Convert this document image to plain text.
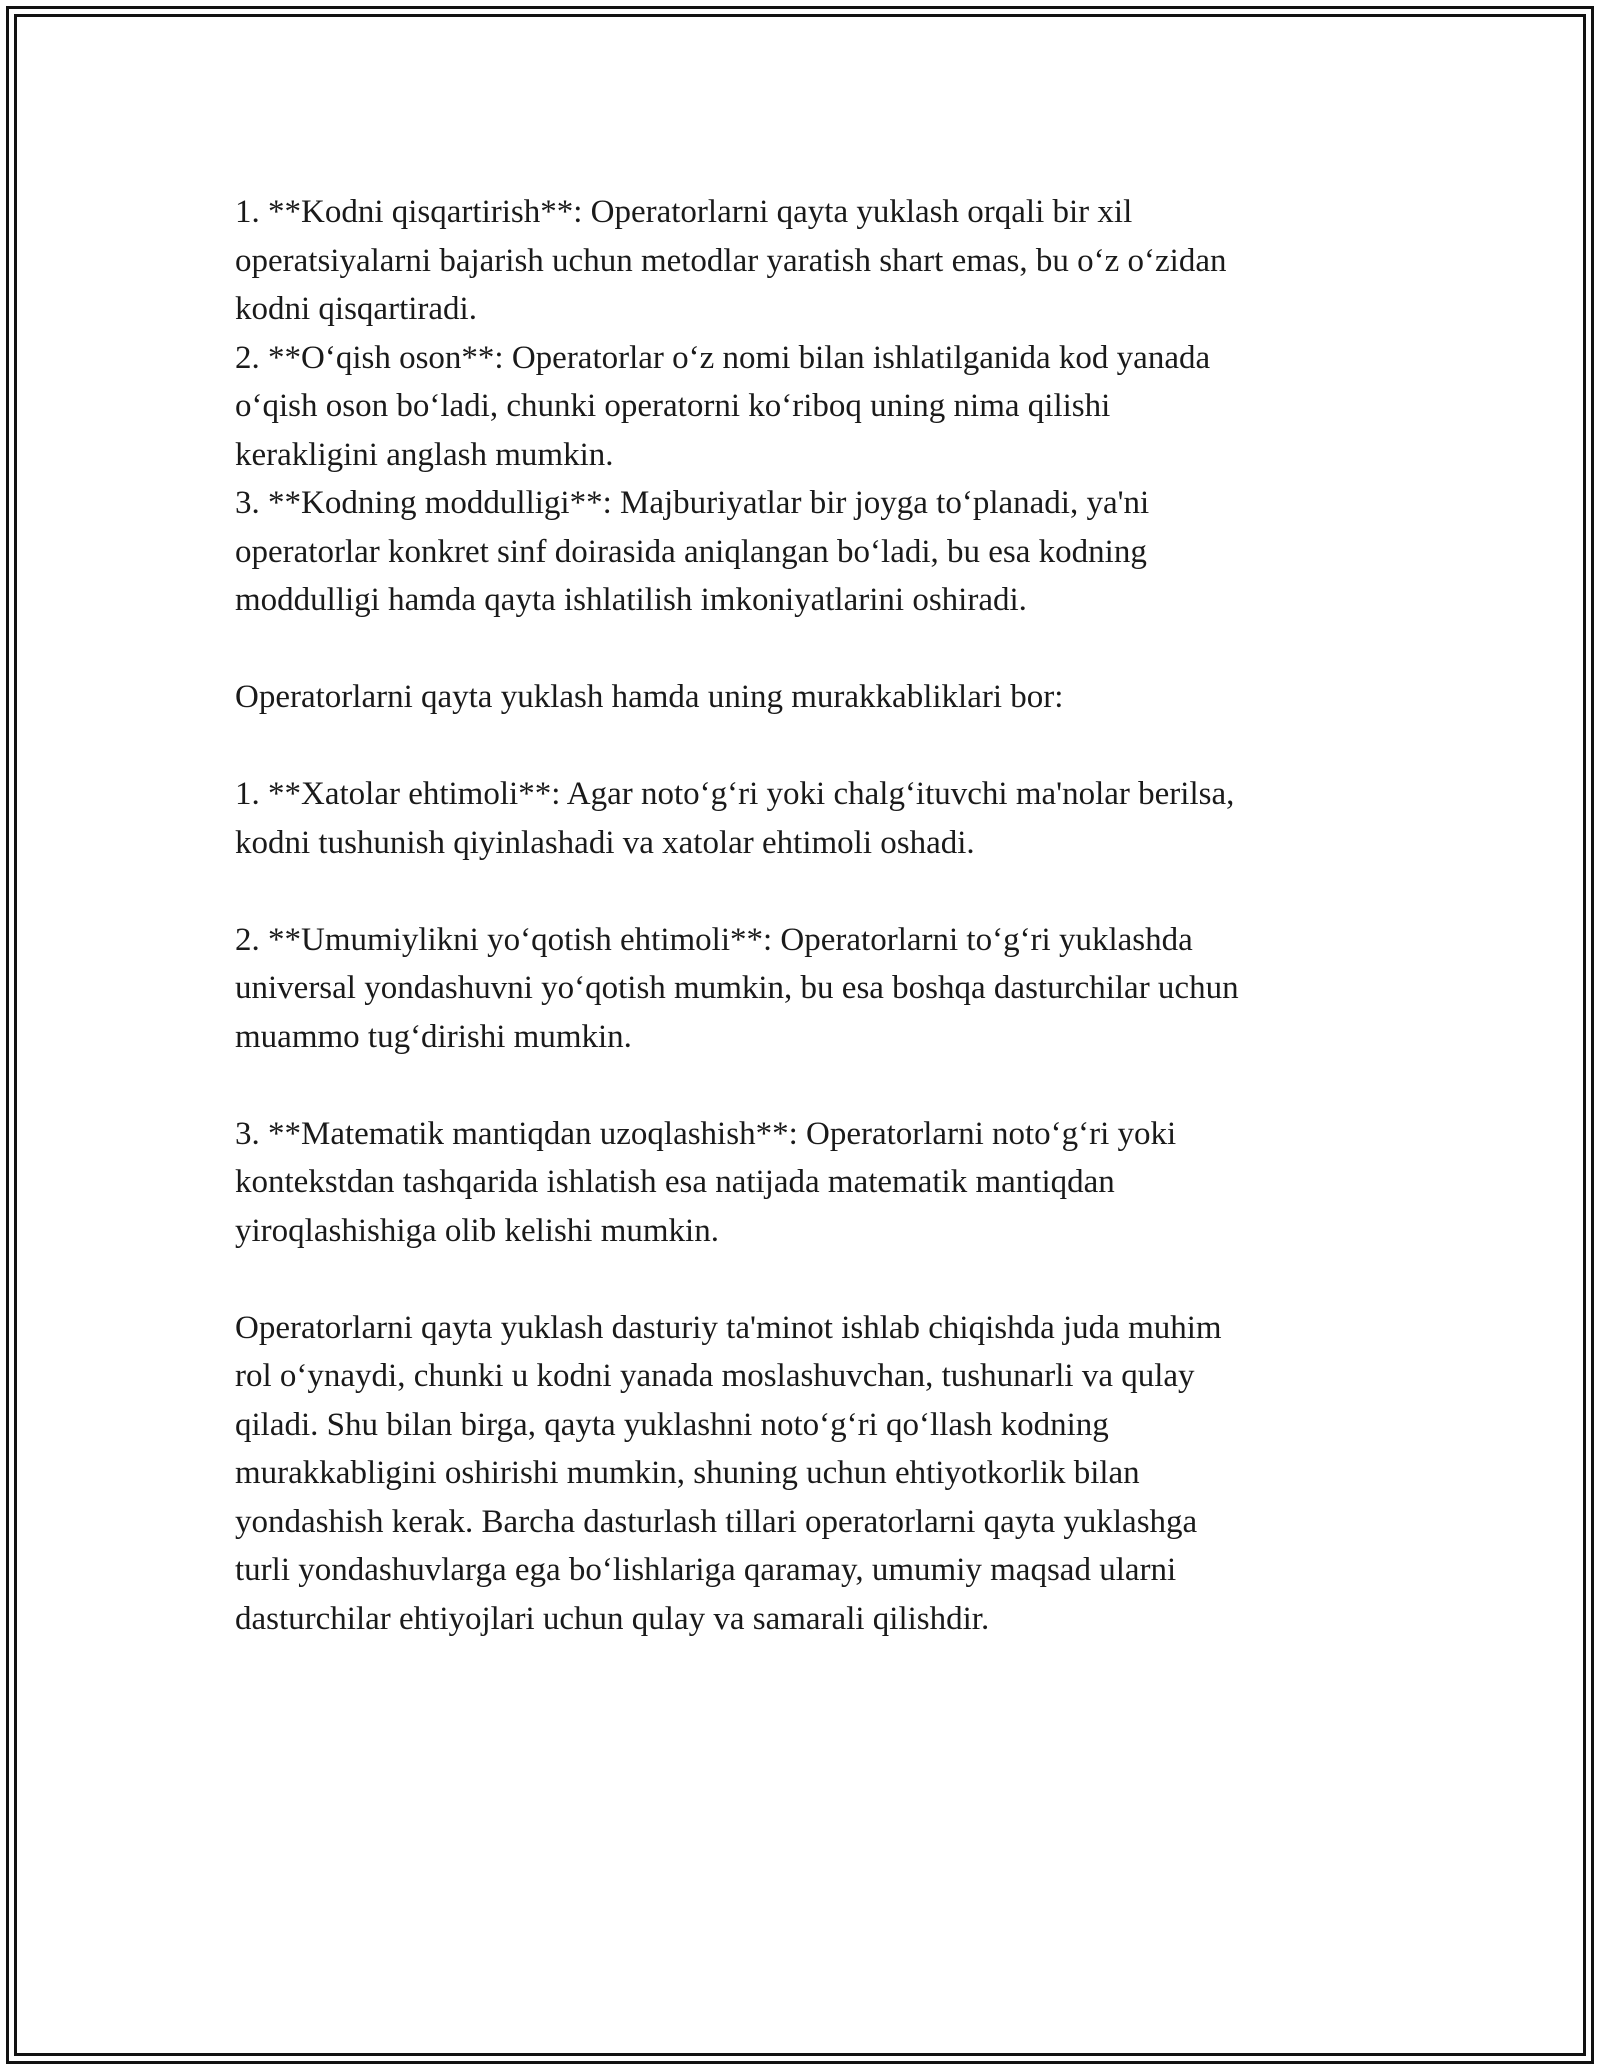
1. **Kodni qisqartirish**: Operatorlarni qayta yuklash orqali bir xil
operatsiyalarni bajarish uchun metodlar yaratish shart emas, bu o‘z o‘zidan
kodni qisqartiradi.
2. **O‘qish oson**: Operatorlar o‘z nomi bilan ishlatilganida kod yanada
o‘qish oson bo‘ladi, chunki operatorni ko‘riboq uning nima qilishi
kerakligini anglash mumkin.
3. **Kodning moddulligi**: Majburiyatlar bir joyga to‘planadi, ya'ni
operatorlar konkret sinf doirasida aniqlangan bo‘ladi, bu esa kodning
moddulligi hamda qayta ishlatilish imkoniyatlarini oshiradi.

Operatorlarni qayta yuklash hamda uning murakkabliklari bor:

1. **Xatolar ehtimoli**: Agar noto‘g‘ri yoki chalg‘ituvchi ma'nolar berilsa,
kodni tushunish qiyinlashadi va xatolar ehtimoli oshadi.

2. **Umumiylikni yo‘qotish ehtimoli**: Operatorlarni to‘g‘ri yuklashda
universal yondashuvni yo‘qotish mumkin, bu esa boshqa dasturchilar uchun
muammo tug‘dirishi mumkin.

3. **Matematik mantiqdan uzoqlashish**: Operatorlarni noto‘g‘ri yoki
kontekstdan tashqarida ishlatish esa natijada matematik mantiqdan
yiroqlashishiga olib kelishi mumkin.

Operatorlarni qayta yuklash dasturiy ta'minot ishlab chiqishda juda muhim
rol o‘ynaydi, chunki u kodni yanada moslashuvchan, tushunarli va qulay
qiladi. Shu bilan birga, qayta yuklashni noto‘g‘ri qo‘llash kodning
murakkabligini oshirishi mumkin, shuning uchun ehtiyotkorlik bilan
yondashish kerak. Barcha dasturlash tillari operatorlarni qayta yuklashga
turli yondashuvlarga ega bo‘lishlariga qaramay, umumiy maqsad ularni
dasturchilar ehtiyojlari uchun qulay va samarali qilishdir.
